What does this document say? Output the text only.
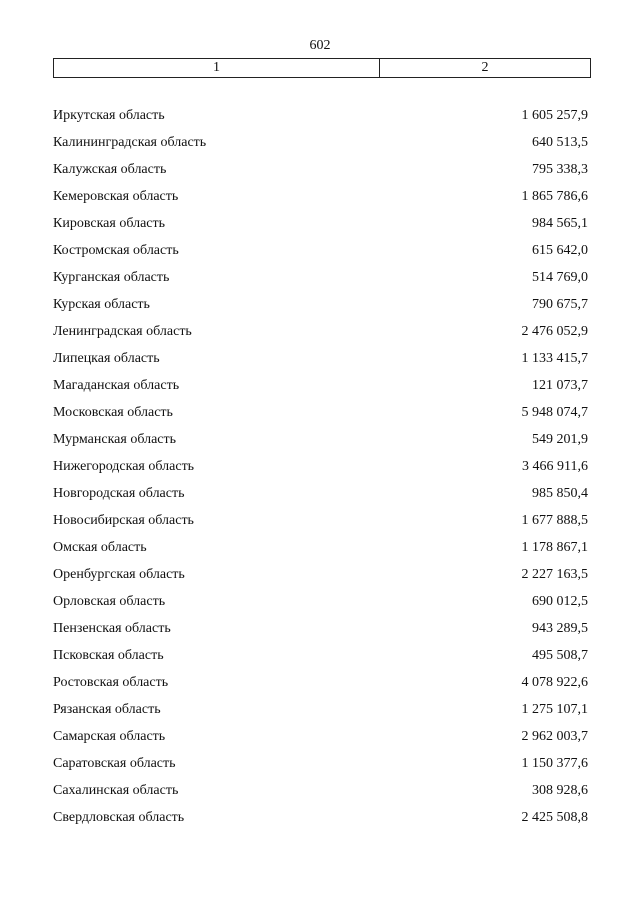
602
1	2
Иркутская область	1 605 257,9
Калининградская область	640 513,5
Калужская область	795 338,3
Кемеровская область	1 865 786,6
Кировская область	984 565,1
Костромская область	615 642,0
Курганская область	514 769,0
Курская область	790 675,7
Ленинградская область	2 476 052,9
Липецкая область	1 133 415,7
Магаданская область	121 073,7
Московская область	5 948 074,7
Мурманская область	549 201,9
Нижегородская область	3 466 911,6
Новгородская область	985 850,4
Новосибирская область	1 677 888,5
Омская область	1 178 867,1
Оренбургская область	2 227 163,5
Орловская область	690 012,5
Пензенская область	943 289,5
Псковская область	495 508,7
Ростовская область	4 078 922,6
Рязанская область	1 275 107,1
Самарская область	2 962 003,7
Саратовская область	1 150 377,6
Сахалинская область	308 928,6
Свердловская область	2 425 508,8
